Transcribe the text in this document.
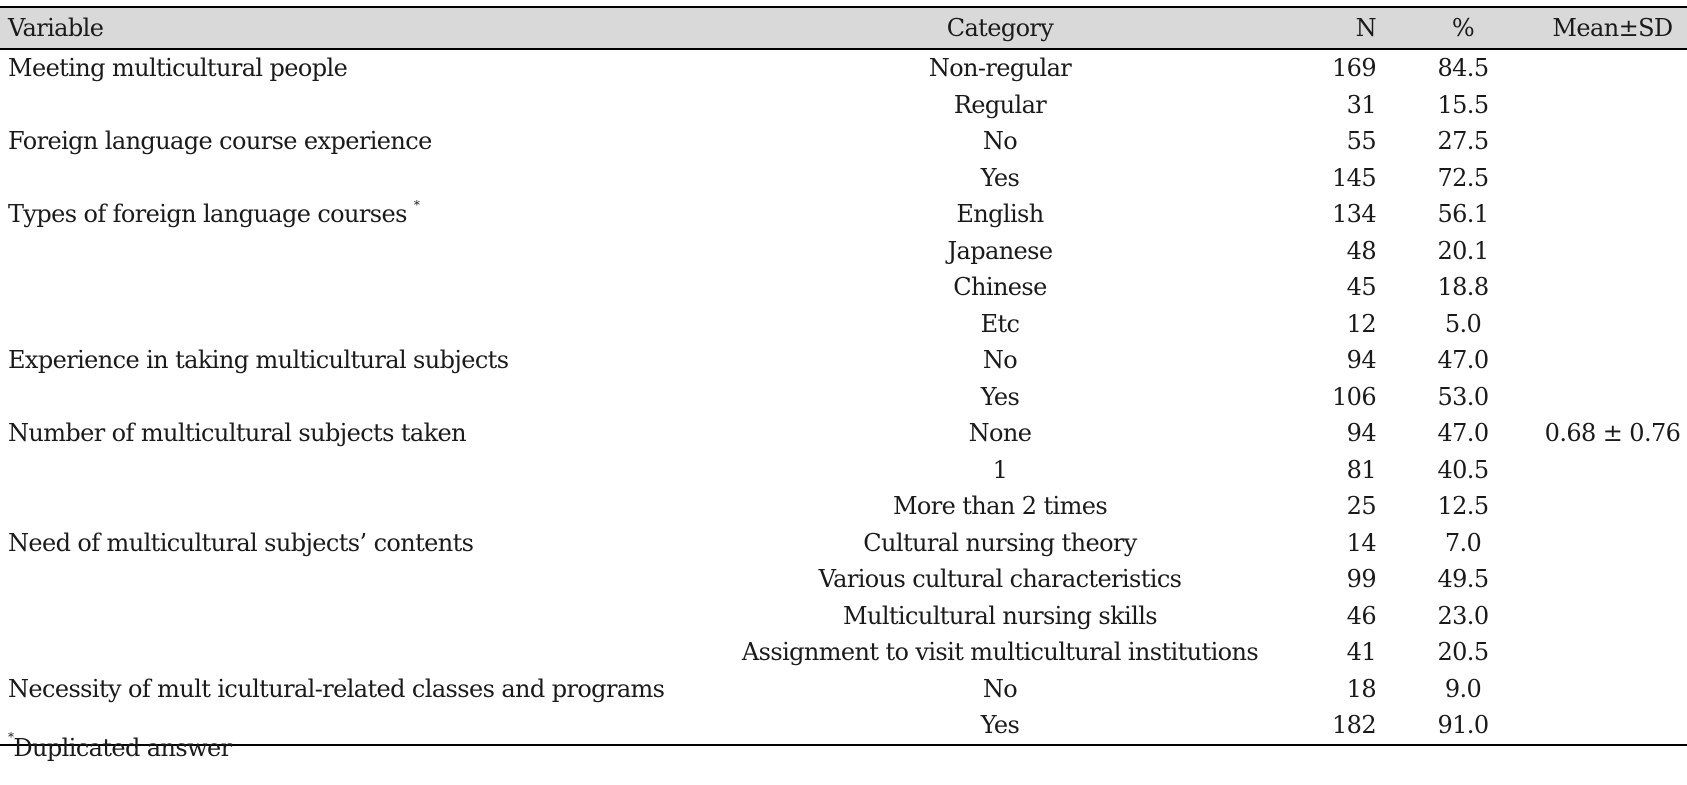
Variable	Category	N	%	Mean±SD
Meeting multicultural people	Non-regular	169	84.5	
	Regular	31	15.5	
Foreign language course experience	No	55	27.5	
	Yes	145	72.5	
Types of foreign language courses *	English	134	56.1	
	Japanese	48	20.1	
	Chinese	45	18.8	
	Etc	12	5.0	
Experience in taking multicultural subjects	No	94	47.0	
	Yes	106	53.0	
Number of multicultural subjects taken	None	94	47.0	0.68 ± 0.76
	1	81	40.5	
	More than 2 times	25	12.5	
Need of multicultural subjects’ contents	Cultural nursing theory	14	7.0	
	Various cultural characteristics	99	49.5	
	Multicultural nursing skills	46	23.0	
	Assignment to visit multicultural institutions	41	20.5	
Necessity of mult icultural-related classes and programs	No	18	9.0	
	Yes	182	91.0	
*Duplicated answer
